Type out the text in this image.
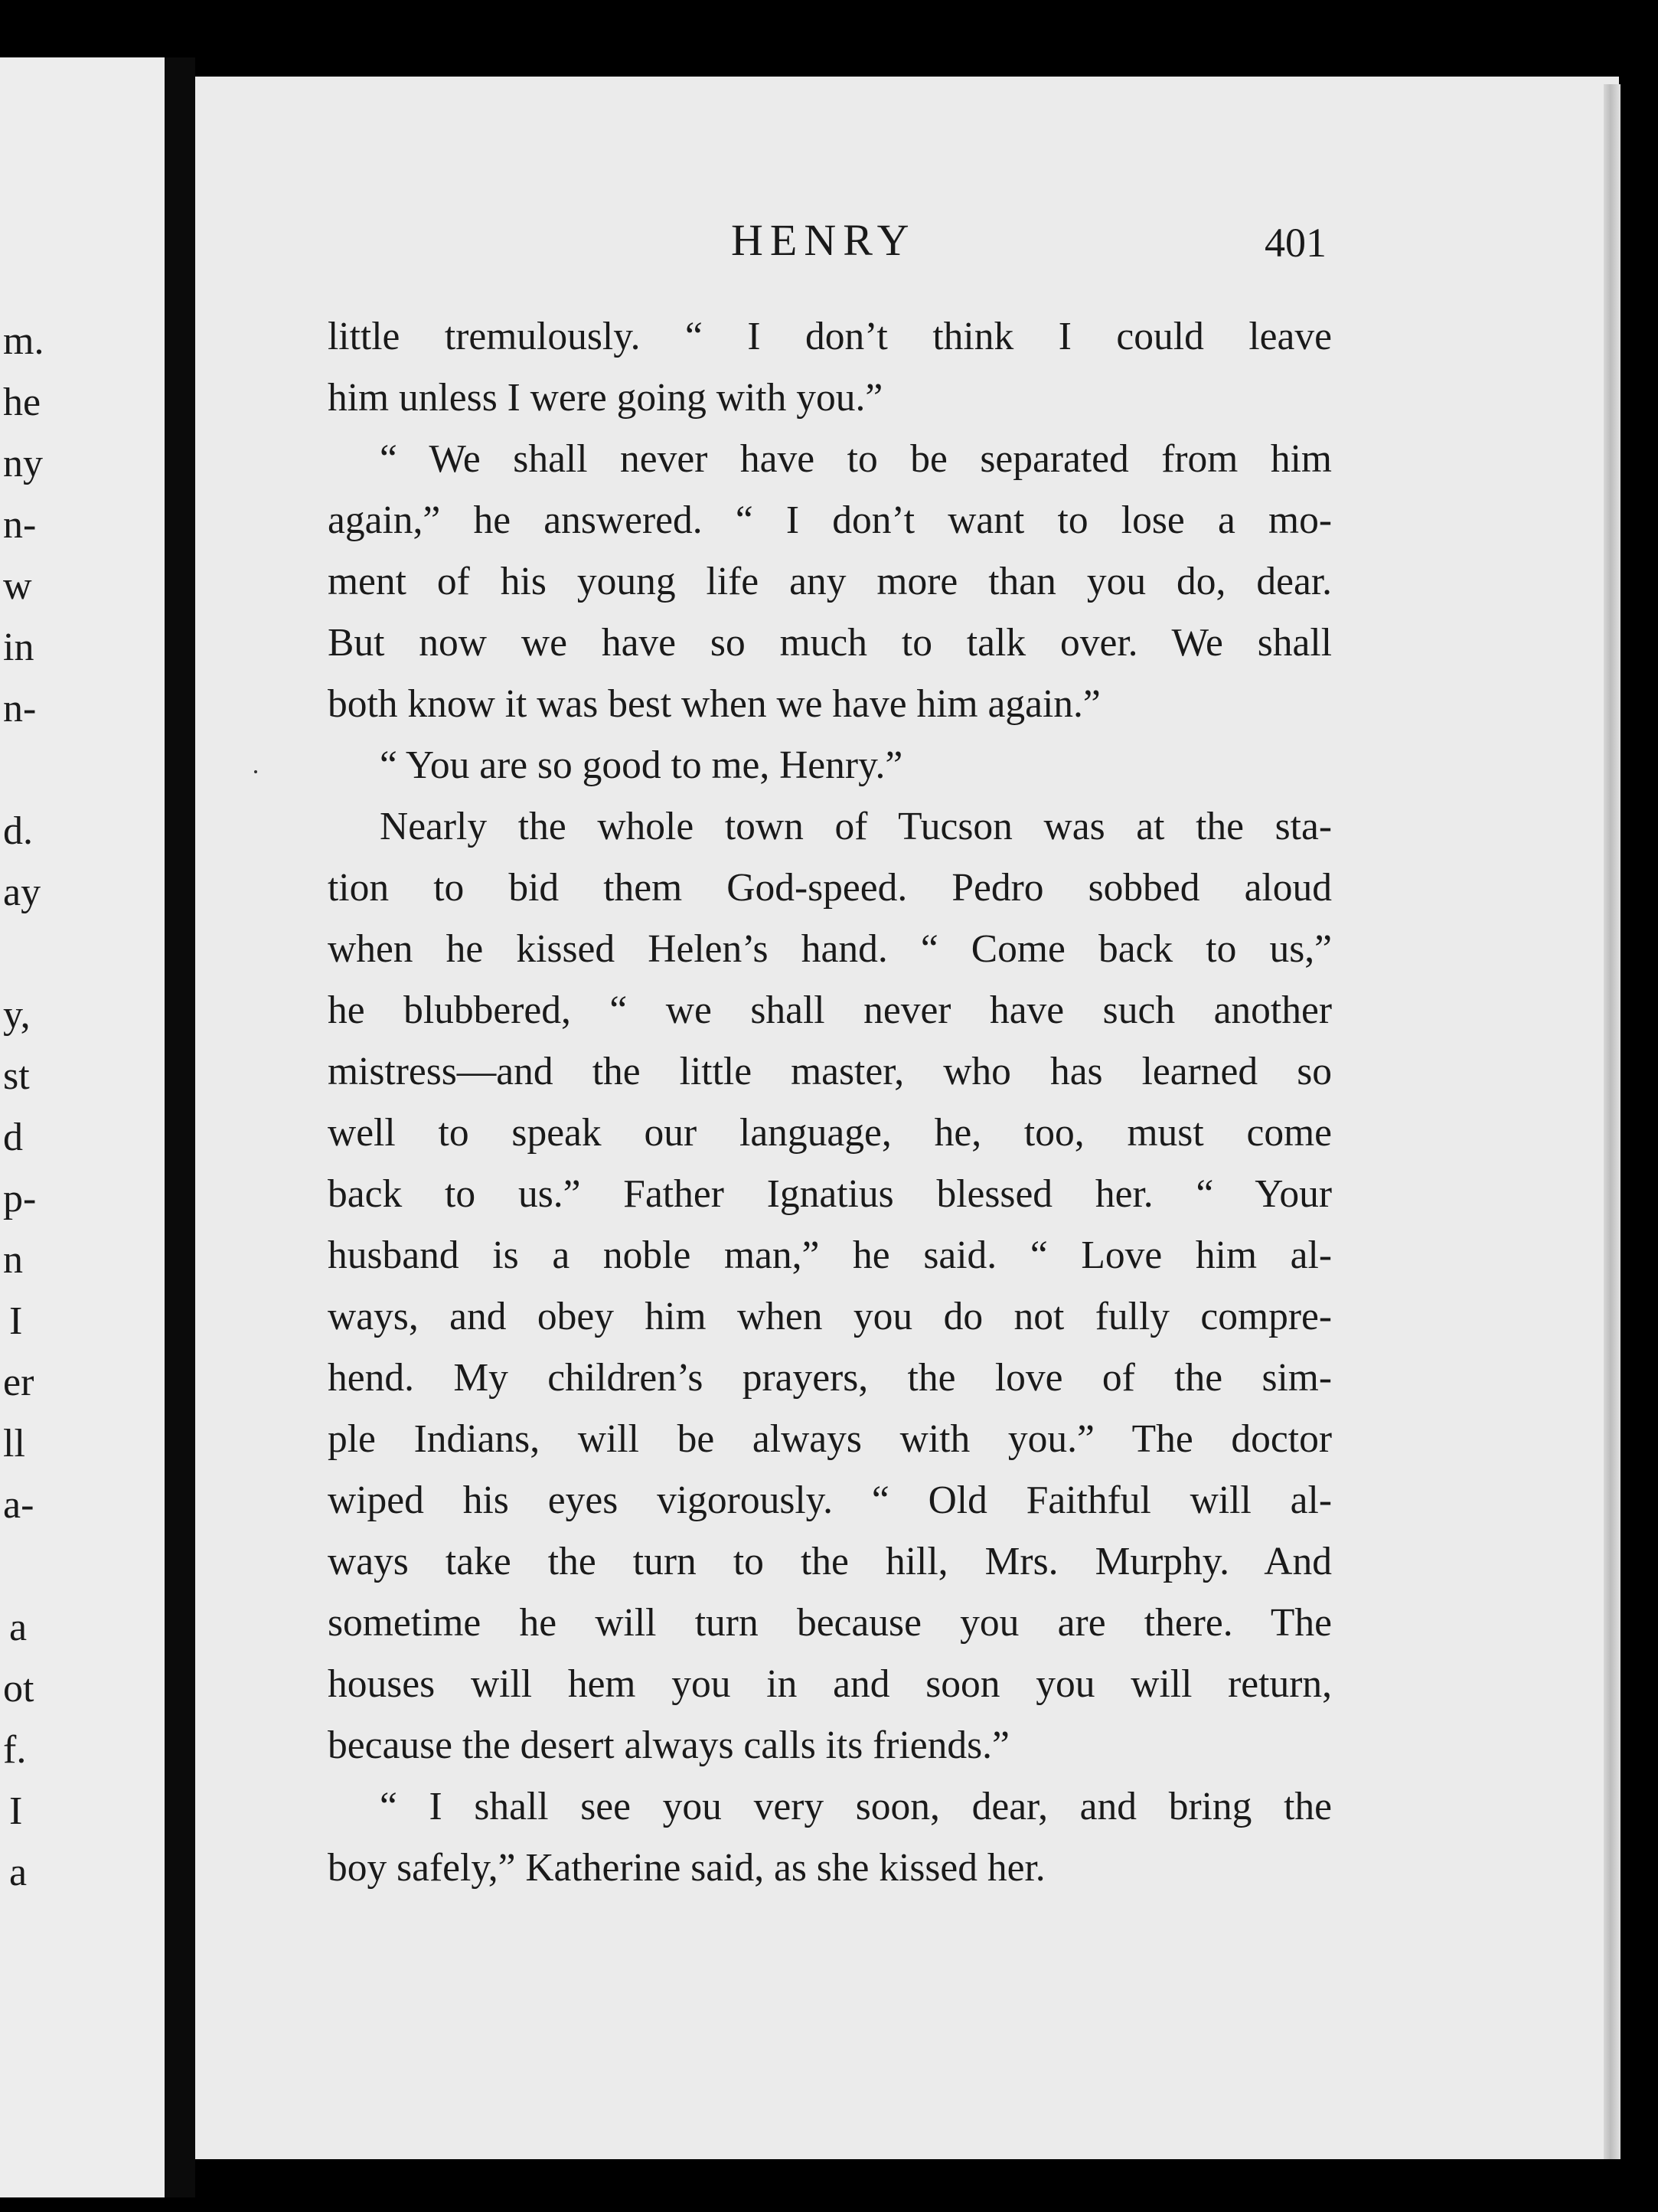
m.
he
ny
n-
w
in
n-
d.
ay
y,
st
d
p-
n
I
er
ll
a-
a
ot
f.
I
a
HENRY	401
little tremulously. “ I don’t think I could leave
him unless I were going with you.”
“ We shall never have to be separated from him
again,” he answered. “ I don’t want to lose a mo-
ment of his young life any more than you do, dear.
But now we have so much to talk over. We shall
both know it was best when we have him again.”
“ You are so good to me, Henry.”
Nearly the whole town of Tucson was at the sta-
tion to bid them God-speed. Pedro sobbed aloud
when he kissed Helen’s hand. “ Come back to us,”
he blubbered, “ we shall never have such another
mistress—and the little master, who has learned so
well to speak our language, he, too, must come
back to us.” Father Ignatius blessed her. “ Your
husband is a noble man,” he said. “ Love him al-
ways, and obey him when you do not fully compre-
hend. My children’s prayers, the love of the sim-
ple Indians, will be always with you.” The doctor
wiped his eyes vigorously. “ Old Faithful will al-
ways take the turn to the hill, Mrs. Murphy. And
sometime he will turn because you are there. The
houses will hem you in and soon you will return,
because the desert always calls its friends.”
“ I shall see you very soon, dear, and bring the
boy safely,” Katherine said, as she kissed her.
